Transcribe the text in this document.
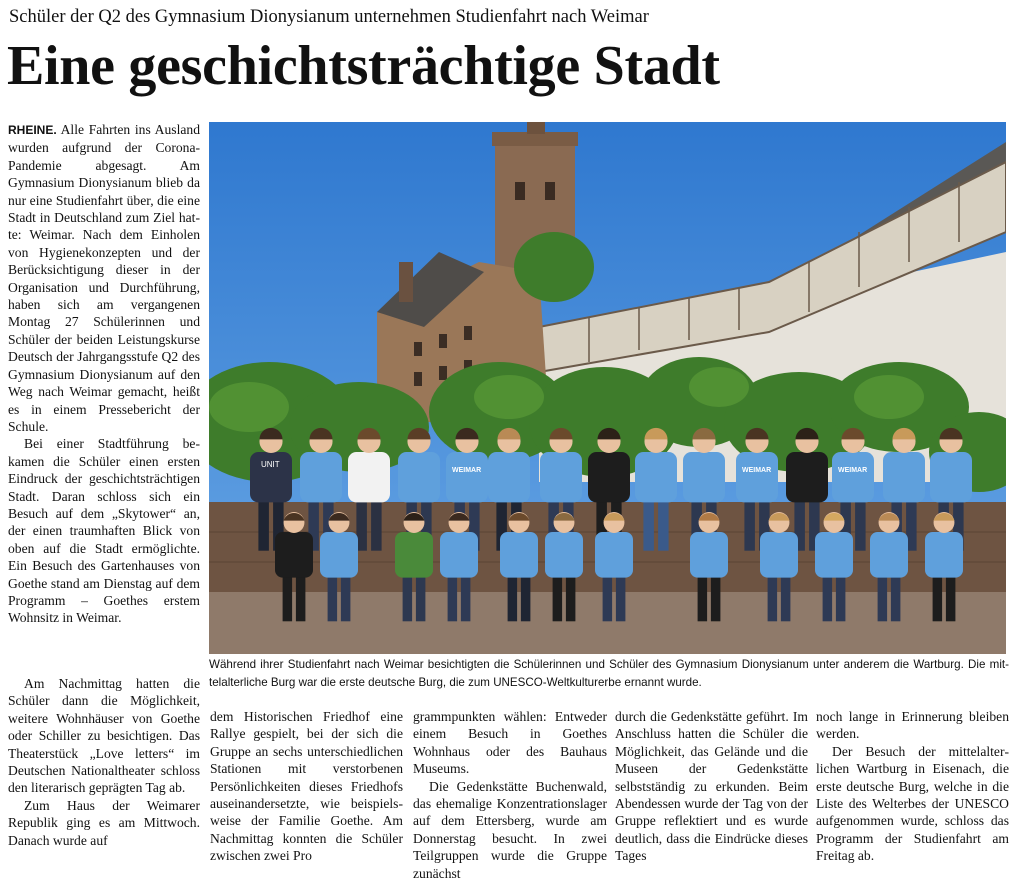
Schüler der Q2 des Gymnasium Dionysianum unternehmen Studienfahrt nach Weimar
Eine geschichtsträchtige Stadt

RHEINE. Alle Fahrten ins Ausland wurden aufgrund der Corona-Pandemie abgesagt. Am Gymnasium Dionysianum blieb da nur eine Studienfahrt über, die eine Stadt in Deutschland zum Ziel hatte: Weimar. Nach dem Einholen von Hygienekonzepten und der Berücksichtigung dieser in der Organisation und Durchführung, haben sich am vergangenen Montag 27 Schülerinnen und Schüler der beiden Leistungskurse Deutsch der Jahrgangsstufe Q2 des Gymnasium Dionysianum auf den Weg nach Weimar gemacht, heißt es in einem Pressebericht der Schule.

Bei einer Stadtführung bekamen die Schüler einen ersten Eindruck der geschichtsträchtigen Stadt. Daran schloss sich ein Besuch auf dem „Skytower“ an, der einen traumhaften Blick von oben auf die Stadt ermöglichte. Ein Besuch des Gartenhauses von Goethe stand am Dienstag auf dem Programm – Goethes erstem Wohnsitz in Weimar.

Am Nachmittag hatten die Schüler dann die Möglichkeit, weitere Wohnhäuser von Goethe oder Schiller zu besichtigen. Das Theaterstück „Love letters“ im Deutschen Nationaltheater schloss den literarisch geprägten Tag ab.

Zum Haus der Weimarer Republik ging es am Mittwoch. Danach wurde auf

dem Historischen Friedhof eine Rallye gespielt, bei der sich die Gruppe an sechs unterschiedlichen Stationen mit verstorbenen Persönlichkeiten dieses Friedhofs auseinandersetzte, wie beispielsweise der Familie Goethe. Am Nachmittag konnten die Schüler zwischen zwei Pro

grammpunkten wählen: Entweder einem Besuch in Goethes Wohnhaus oder des Bauhaus Museums.

Die Gedenkstätte Buchenwald, das ehemalige Konzentrationslager auf dem Ettersberg, wurde am Donnerstag besucht. In zwei Teilgruppen wurde die Gruppe zunächst

durch die Gedenkstätte geführt. Im Anschluss hatten die Schüler die Möglichkeit, das Gelände und die Museen der Gedenkstätte selbstständig zu erkunden. Beim Abendessen wurde der Tag von der Gruppe reflektiert und es wurde deutlich, dass die Eindrücke dieses Tages

noch lange in Erinnerung bleiben werden.

Der Besuch der mittelalterlichen Wartburg in Eisenach, die erste deutsche Burg, welche in die Liste des Welterbes der UNESCO aufgenommen wurde, schloss das Programm der Studienfahrt am Freitag ab.

UNIT
WEIMAR	WEIMAR	WEIMAR
Während ihrer Studienfahrt nach Weimar besichtigten die Schülerinnen und Schüler des Gymnasium Dionysianum unter anderem die Wartburg. Die mittelalterliche Burg war die erste deutsche Burg, die zum UNESCO-Weltkulturerbe ernannt wurde.
